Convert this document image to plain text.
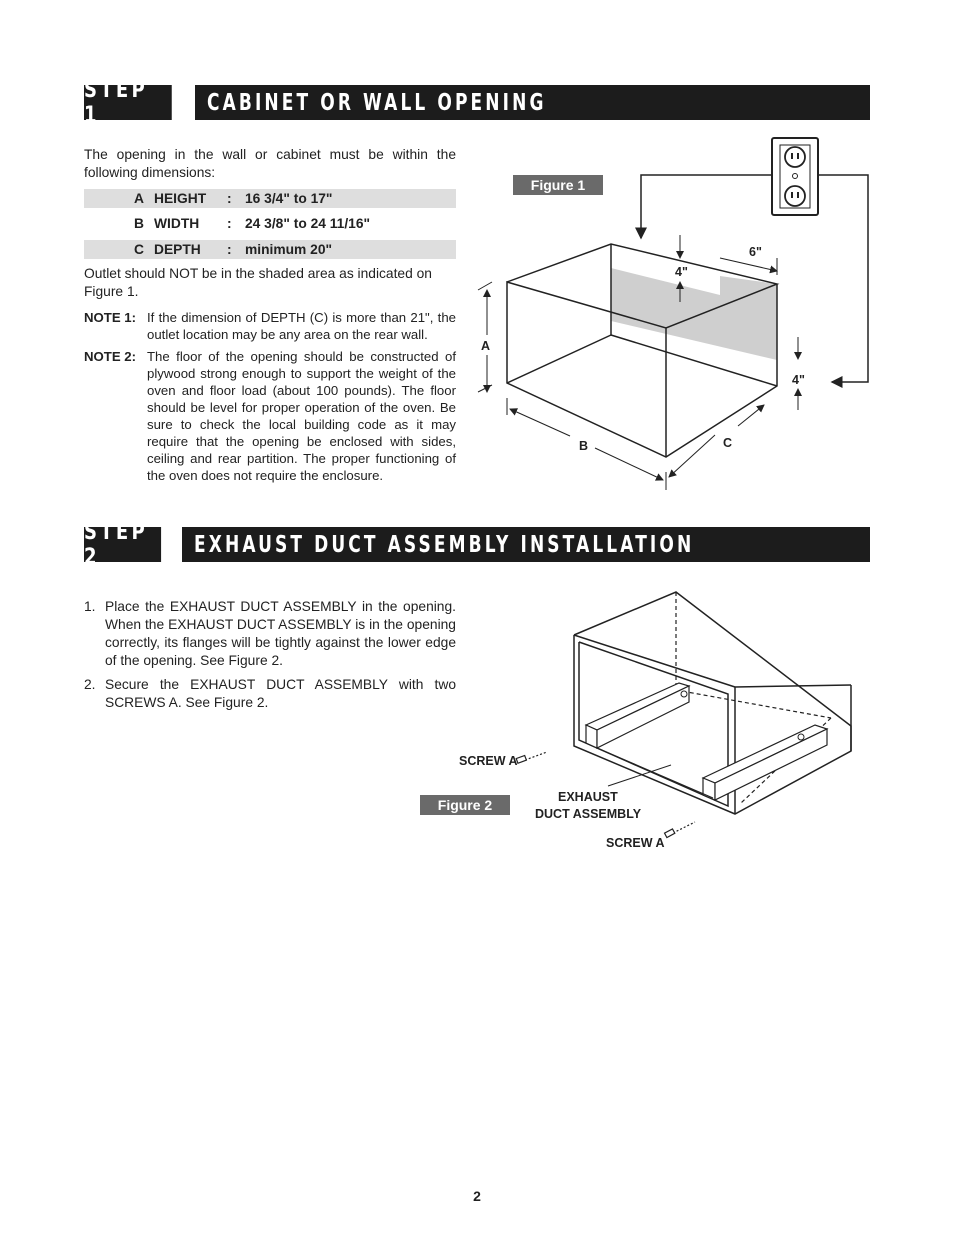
STEP 1	CABINET OR WALL OPENING
The opening in the wall or cabinet must be within the following dimensions:
A HEIGHT : 16 3/4" to 17"
B WIDTH : 24 3/8" to 24 11/16"
C DEPTH : minimum 20"
Outlet should NOT be in the shaded area as indicated on Figure 1.
NOTE 1: If the dimension of DEPTH (C) is more than 21", the outlet location may be any area on the rear wall.
NOTE 2: The floor of the opening should be constructed of plywood strong enough to support the weight of the oven and floor load (about 100 pounds). The floor should be level for proper operation of the oven. Be sure to check the local building code as it may require that the opening be enclosed with sides, ceiling and rear partition. The proper functioning of the oven does not require the enclosure.
Figure 1
A
B	C
4"
6"
4"
STEP 2	EXHAUST DUCT ASSEMBLY INSTALLATION
1. Place the EXHAUST DUCT ASSEMBLY in the opening. When the EXHAUST DUCT ASSEMBLY is in the opening correctly, its flanges will be tightly against the lower edge of the opening. See Figure 2.
2. Secure the EXHAUST DUCT ASSEMBLY with two SCREWS A. See Figure 2.
Figure 2
SCREW A
SCREW A
EXHAUST
DUCT ASSEMBLY
2
